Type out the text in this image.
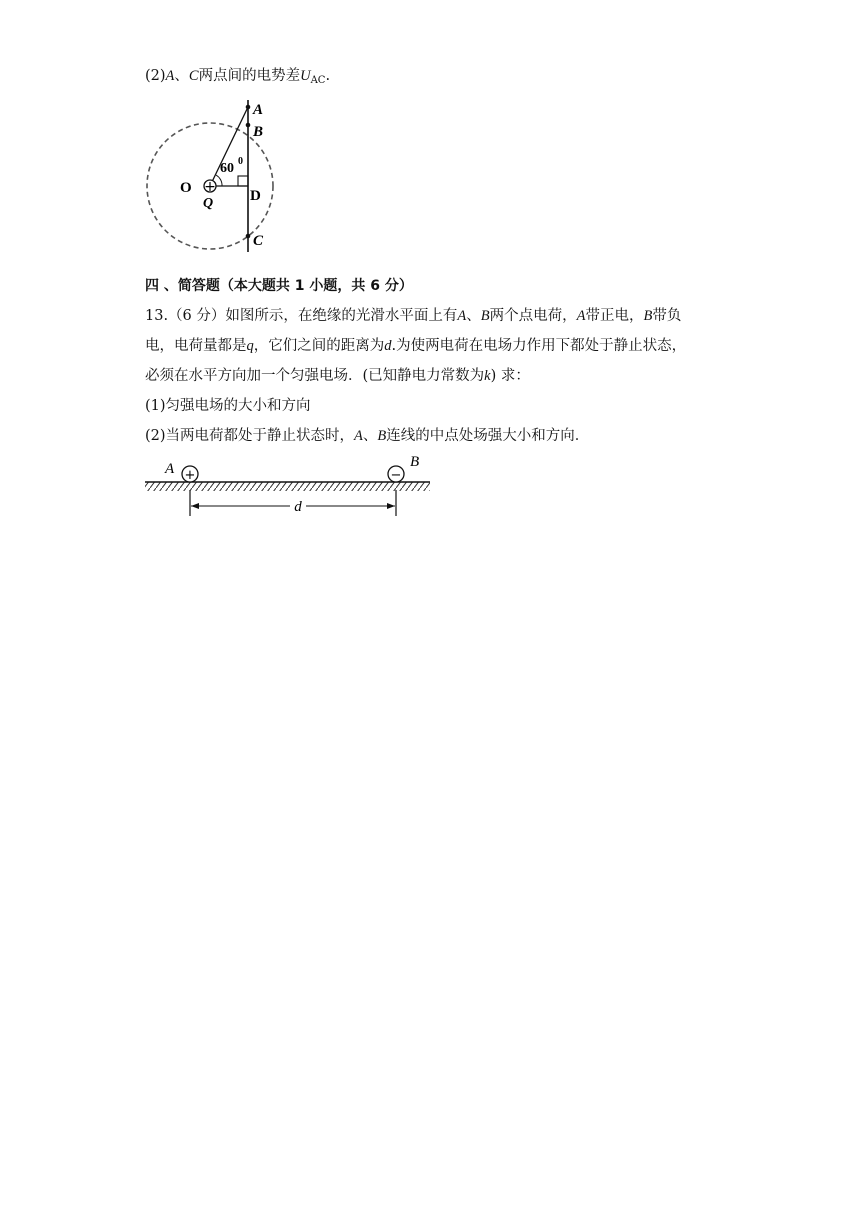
(2)A、C两点间的电势差$U_{AC}$.
+
A
B
C
D
O
Q
60 0
四 、简答题（本大题共 1 小题，共 6 分）
13.（6 分）如图所示，在绝缘的光滑水平面上有A、B两个点电荷，A带正电，B带负
电，电荷量都是q，它们之间的距离为d.为使两电荷在电场力作用下都处于静止状态，
必须在水平方向加一个匀强电场．(已知静电力常数为k) 求：
(1)匀强电场的大小和方向
(2)当两电荷都处于静止状态时，A、B连线的中点处场强大小和方向．
+	−
A	B
d
